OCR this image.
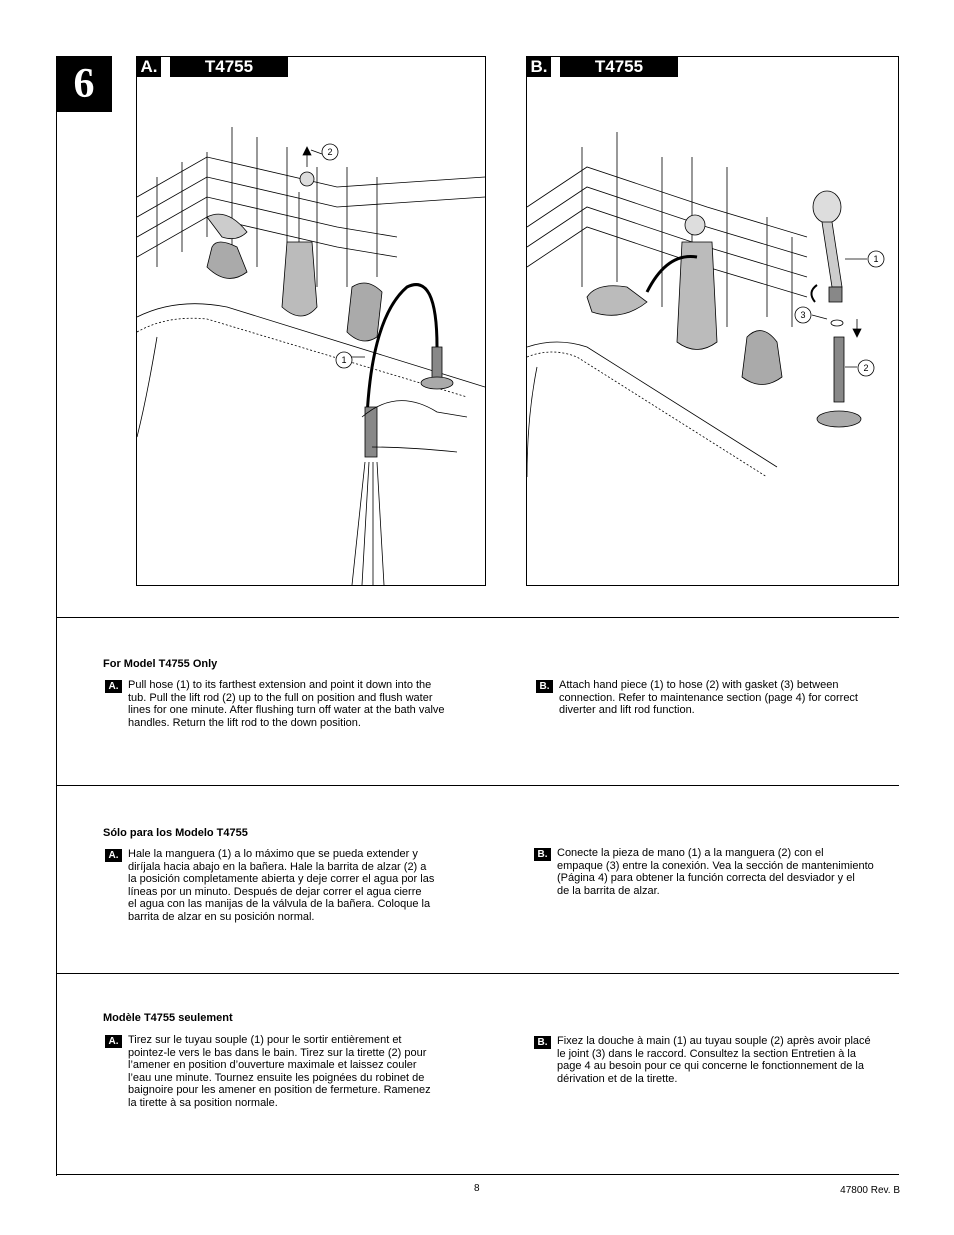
6
2
1
A.	T4755
1
3
2
B.	T4755
For Model T4755 Only
A. Pull hose (1) to its farthest extension and point it down into the
tub. Pull the lift rod (2) up to the full on position and flush water
lines for one minute. After flushing turn off water at the bath valve
handles. Return the lift rod to the down position.
B. Attach hand piece (1) to hose (2) with gasket (3) between
connection. Refer to maintenance section (page 4) for correct
diverter and lift rod function.
Sólo para los Modelo T4755
A. Hale la manguera (1) a lo máximo que se pueda extender y
diríjala hacia abajo en la bañera. Hale la barrita de alzar (2) a
la posición completamente abierta y deje correr el agua por las
líneas por un minuto. Después de dejar correr el agua cierre
el agua con las manijas de la válvula de la bañera. Coloque la
barrita de alzar en su posición normal.
B. Conecte la pieza de mano (1) a la manguera (2) con el
empaque (3) entre la conexión. Vea la sección de mantenimiento
(Página 4) para obtener la función correcta del desviador y el
de la barrita de alzar.
Modèle T4755 seulement
A. Tirez sur le tuyau souple (1) pour le sortir entièrement et
pointez-le vers le bas dans le bain. Tirez sur la tirette (2) pour
l’amener en position d’ouverture maximale et laissez couler
l’eau une minute. Tournez ensuite les poignées du robinet de
baignoire pour les amener en position de fermeture. Ramenez
la tirette à sa position normale.
B. Fixez la douche à main (1) au tuyau souple (2) après avoir placé
le joint (3) dans le raccord. Consultez la section Entretien à la
page 4 au besoin pour ce qui concerne le fonctionnement de la
dérivation et de la tirette.
8	47800 Rev. B
